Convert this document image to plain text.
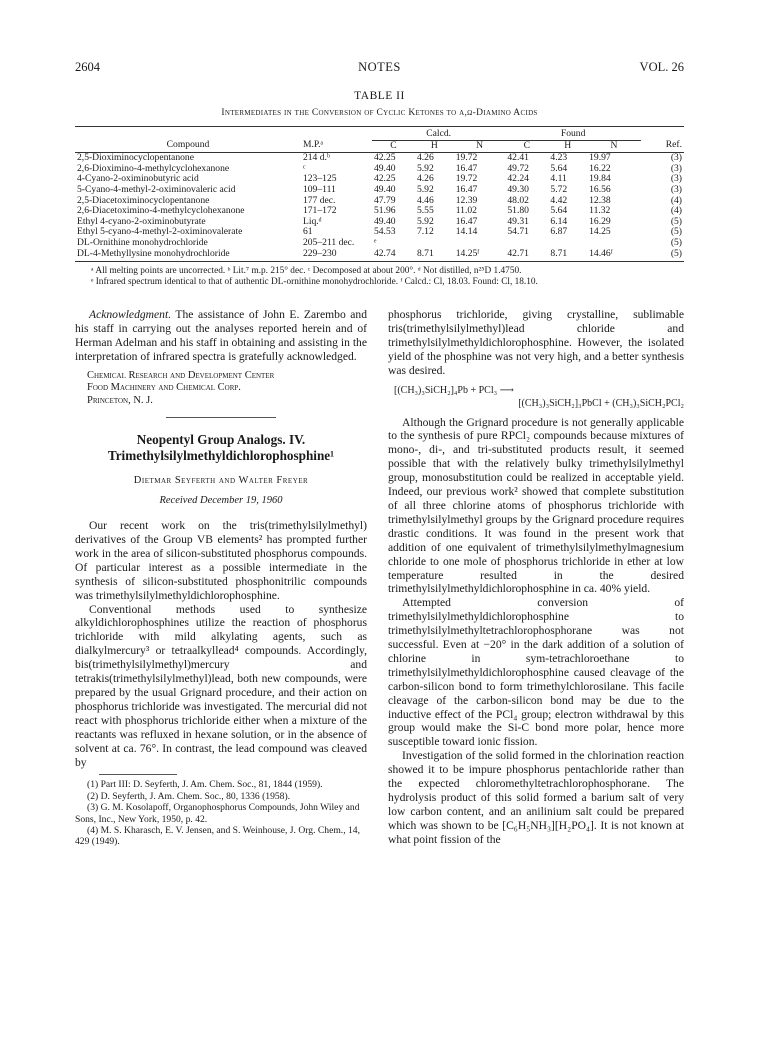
2604	NOTES	VOL. 26
TABLE II
Intermediates in the Conversion of Cyclic Ketones to α,ω-Diamino Acids
		Calcd.			Found			
Compound	M.P.ᵃ	C	H	N	C	H	N	Ref.
2,5-Dioximinocyclopentanone	214 d.ᵇ	42.25	4.26	19.72	42.41	4.23	19.97	(3)
2,6-Dioximino-4-methylcyclohexanone	ᶜ	49.40	5.92	16.47	49.72	5.64	16.22	(3)
4-Cyano-2-oximinobutyric acid	123–125	42.25	4.26	19.72	42.24	4.11	19.84	(3)
5-Cyano-4-methyl-2-oximinovaleric acid	109–111	49.40	5.92	16.47	49.30	5.72	16.56	(3)
2,5-Diacetoximinocyclopentanone	177 dec.	47.79	4.46	12.39	48.02	4.42	12.38	(4)
2,6-Diacetoximino-4-methylcyclohexanone	171–172	51.96	5.55	11.02	51.80	5.64	11.32	(4)
Ethyl 4-cyano-2-oximinobutyrate	Liq.ᵈ	49.40	5.92	16.47	49.31	6.14	16.29	(5)
Ethyl 5-cyano-4-methyl-2-oximinovalerate	61	54.53	7.12	14.14	54.71	6.87	14.25	(5)
DL-Ornithine monohydrochloride	205–211 dec.	ᵉ						(5)
DL-4-Methyllysine monohydrochloride	229–230	42.74	8.71	14.25ᶠ	42.71	8.71	14.46ᶠ	(5)

ᵃ All melting points are uncorrected. ᵇ Lit.⁷ m.p. 215° dec. ᶜ Decomposed at about 200°. ᵈ Not distilled, n²⁵D 1.4750.

ᵉ Infrared spectrum identical to that of authentic DL-ornithine monohydrochloride. ᶠ Calcd.: Cl, 18.03. Found: Cl, 18.10.

Acknowledgment. The assistance of John E. Zarembo and his staff in carrying out the analyses reported herein and of Herman Adelman and his staff in obtaining and assisting in the interpretation of infrared spectra is gratefully acknowledged.

Chemical Research and Development Center
Food Machinery and Chemical Corp.
Princeton, N. J.
Neopentyl Group Analogs. IV. Trimethylsilylmethyldichlorophosphine¹
Dietmar Seyferth and Walter Freyer
Received December 19, 1960

Our recent work on the tris(trimethylsilylmethyl) derivatives of the Group VB elements² has prompted further work in the area of silicon-substituted phosphorus compounds. Of particular interest as a possible intermediate in the synthesis of silicon-substituted phosphonitrilic compounds was trimethylsilylmethyldichlorophosphine.

Conventional methods used to synthesize alkyldichlorophosphines utilize the reaction of phosphorus trichloride with mild alkylating agents, such as dialkylmercury³ or tetraalkyllead⁴ compounds. Accordingly, bis(trimethylsilylmethyl)mercury and tetrakis(trimethylsilylmethyl)lead, both new compounds, were prepared by the usual Grignard procedure, and their action on phosphorus trichloride was investigated. The mercurial did not react with phosphorus trichloride either when a mixture of the reactants was refluxed in hexane solution, or in the absence of solvent at ca. 76°. In contrast, the lead compound was cleaved by

(1) Part III: D. Seyferth, J. Am. Chem. Soc., 81, 1844 (1959).

(2) D. Seyferth, J. Am. Chem. Soc., 80, 1336 (1958).

(3) G. M. Kosolapoff, Organophosphorus Compounds, John Wiley and Sons, Inc., New York, 1950, p. 42.

(4) M. S. Kharasch, E. V. Jensen, and S. Weinhouse, J. Org. Chem., 14, 429 (1949).

phosphorus trichloride, giving crystalline, sublimable tris(trimethylsilylmethyl)lead chloride and trimethylsilylmethyldichlorophosphine. However, the isolated yield of the phosphine was not very high, and a better synthesis was desired.

[(CH₃)₃SiCH₂]₄Pb + PCl₃ ⟶
[(CH₃)₃SiCH₂]₃PbCl + (CH₃)₃SiCH₂PCl₂

Although the Grignard procedure is not generally applicable to the synthesis of pure RPCl₂ compounds because mixtures of mono-, di-, and tri-substituted products result, it seemed possible that with the relatively bulky trimethylsilylmethyl group, monosubstitution could be realized in acceptable yield. Indeed, our previous work² showed that complete substitution of all three chlorine atoms of phosphorus trichloride with trimethylsilylmethyl groups by the Grignard procedure requires drastic conditions. It was found in the present work that addition of one equivalent of trimethylsilylmethylmagnesium chloride to one mole of phosphorus trichloride in ether at low temperature resulted in the desired trimethylsilylmethyldichlorophosphine in ca. 40% yield.

Attempted conversion of trimethylsilylmethyldichlorophosphine to trimethylsilylmethyltetrachlorophosphorane was not successful. Even at −20° in the dark addition of a solution of chlorine in sym-tetrachloroethane to trimethylsilylmethyldichlorophosphine caused cleavage of the carbon-silicon bond to form trimethylchlorosilane. This facile cleavage of the carbon-silicon bond may be due to the inductive effect of the PCl₄ group; electron withdrawal by this group would make the Si-C bond more polar, hence more susceptible toward ionic fission.

Investigation of the solid formed in the chlorination reaction showed it to be impure phosphorus pentachloride rather than the expected chloromethyltetrachlorophosphorane. The hydrolysis product of this solid formed a barium salt of very low carbon content, and an anilinium salt could be prepared which was shown to be [C₆H₅NH₃][H₂PO₄]. It is not known at what point fission of the
